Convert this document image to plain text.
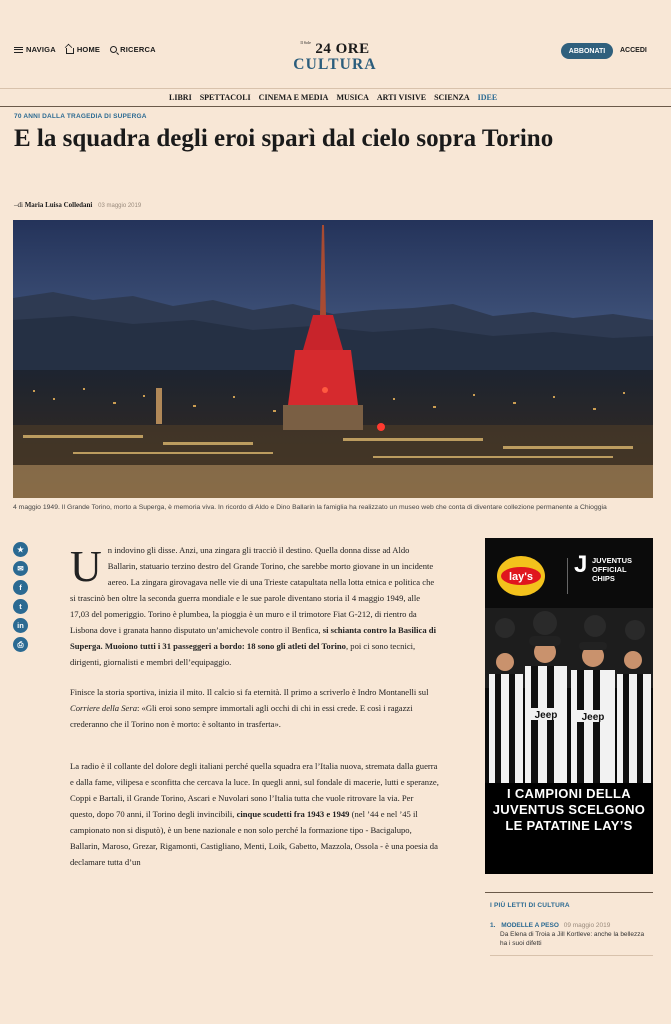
NAVIGA	HOME	RICERCA
$^{Il Sole}$ 24 ORE
CULTURA
ABBONATI	ACCEDI
LIBRI SPETTACOLI CINEMA E MEDIA MUSICA ARTI VISIVE SCIENZA IDEE
70 ANNI DALLA TRAGEDIA DI SUPERGA
E la squadra degli eroi sparì dal cielo sopra Torino
–di Maria Luisa Colledani 03 maggio 2019
4 maggio 1949. Il Grande Torino, morto a Superga, è memoria viva. In ricordo di Aldo e Dino Ballarin la famiglia ha realizzato un museo web che conta di diventare collezione permanente a Chioggia
★
✉
f
t
in
⎙

U n indovino gli disse. Anzi, una zingara gli tracciò il destino. Quella donna disse ad Aldo Ballarin, statuario terzino destro del Grande Torino, che sarebbe morto giovane in un incidente aereo. La zingara girovagava nelle vie di una Trieste catapultata nella lotta etnica e politica che si trascinò ben oltre la seconda guerra mondiale e le sue parole diventano storia il 4 maggio 1949, alle 17,03 del pomeriggio. Torino è plumbea, la pioggia è un muro e il trimotore Fiat G-212, di rientro da Lisbona dove i granata hanno disputato un’amichevole contro il Benfica, si schianta contro la Basilica di Superga. Muoiono tutti i 31 passeggeri a bordo: 18 sono gli atleti del Torino, poi ci sono tecnici, dirigenti, giornalisti e membri dell’equipaggio.

Finisce la storia sportiva, inizia il mito. Il calcio si fa eternità. Il primo a scriverlo è Indro Montanelli sul Corriere della Sera: «Gli eroi sono sempre immortali agli occhi di chi in essi crede. E così i ragazzi crederanno che il Torino non è morto: è soltanto in trasferta».

La radio è il collante del dolore degli italiani perché quella squadra era l’Italia nuova, stremata dalla guerra e dalla fame, vilipesa e sconfitta che cercava la luce. In quegli anni, sul fondale di macerie, lutti e speranze, Coppi e Bartali, il Grande Torino, Ascari e Nuvolari sono l’Italia tutta che vuole ritrovare la via. Per questo, dopo 70 anni, il Torino degli invincibili, cinque scudetti fra 1943 e 1949 (nel ’44 e nel ’45 il campionato non si disputò), è un bene nazionale e non solo perché la formazione tipo - Bacigalupo, Ballarin, Maroso, Grezar, Rigamonti, Castigliano, Menti, Loik, Gabetto, Mazzola, Ossola - è una poesia da declamare tutta d’un

lay's J JUVENTUS OFFICIAL CHIPS
Jeep Jeep
I CAMPIONI DELLA JUVENTUS SCELGONO LE PATATINE LAY’S
I PIÙ LETTI DI CULTURA
1. MODELLE A PESO 09 maggio 2019
Da Elena di Troia a Jill Kortleve: anche la bellezza ha i suoi difetti
